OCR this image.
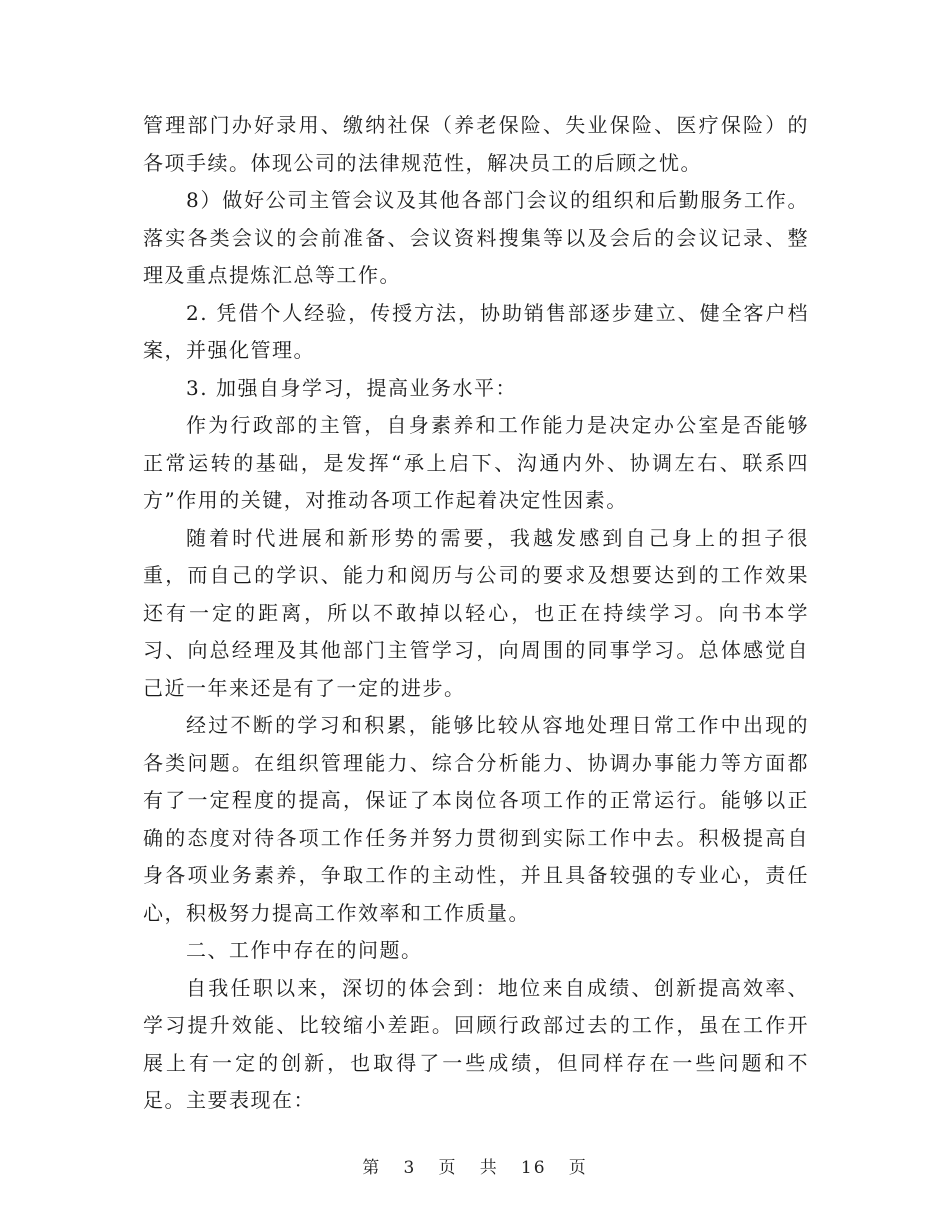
管理部门办好录用、缴纳社保（养老保险、失业保险、医疗保险）的各项手续。体现公司的法律规范性，解决员工的后顾之忧。

8）做好公司主管会议及其他各部门会议的组织和后勤服务工作。落实各类会议的会前准备、会议资料搜集等以及会后的会议记录、整理及重点提炼汇总等工作。

2. 凭借个人经验，传授方法，协助销售部逐步建立、健全客户档案，并强化管理。

3. 加强自身学习，提高业务水平：

作为行政部的主管，自身素养和工作能力是决定办公室是否能够正常运转的基础，是发挥“承上启下、沟通内外、协调左右、联系四方”作用的关键，对推动各项工作起着决定性因素。

随着时代进展和新形势的需要，我越发感到自己身上的担子很重，而自己的学识、能力和阅历与公司的要求及想要达到的工作效果还有一定的距离，所以不敢掉以轻心，也正在持续学习。向书本学习、向总经理及其他部门主管学习，向周围的同事学习。总体感觉自己近一年来还是有了一定的进步。

经过不断的学习和积累，能够比较从容地处理日常工作中出现的各类问题。在组织管理能力、综合分析能力、协调办事能力等方面都有了一定程度的提高，保证了本岗位各项工作的正常运行。能够以正确的态度对待各项工作任务并努力贯彻到实际工作中去。积极提高自身各项业务素养，争取工作的主动性，并且具备较强的专业心，责任心，积极努力提高工作效率和工作质量。

二、工作中存在的问题。

自我任职以来，深切的体会到：地位来自成绩、创新提高效率、学习提升效能、比较缩小差距。回顾行政部过去的工作，虽在工作开展上有一定的创新，也取得了一些成绩，但同样存在一些问题和不足。主要表现在：

第 3 页 共 16 页
